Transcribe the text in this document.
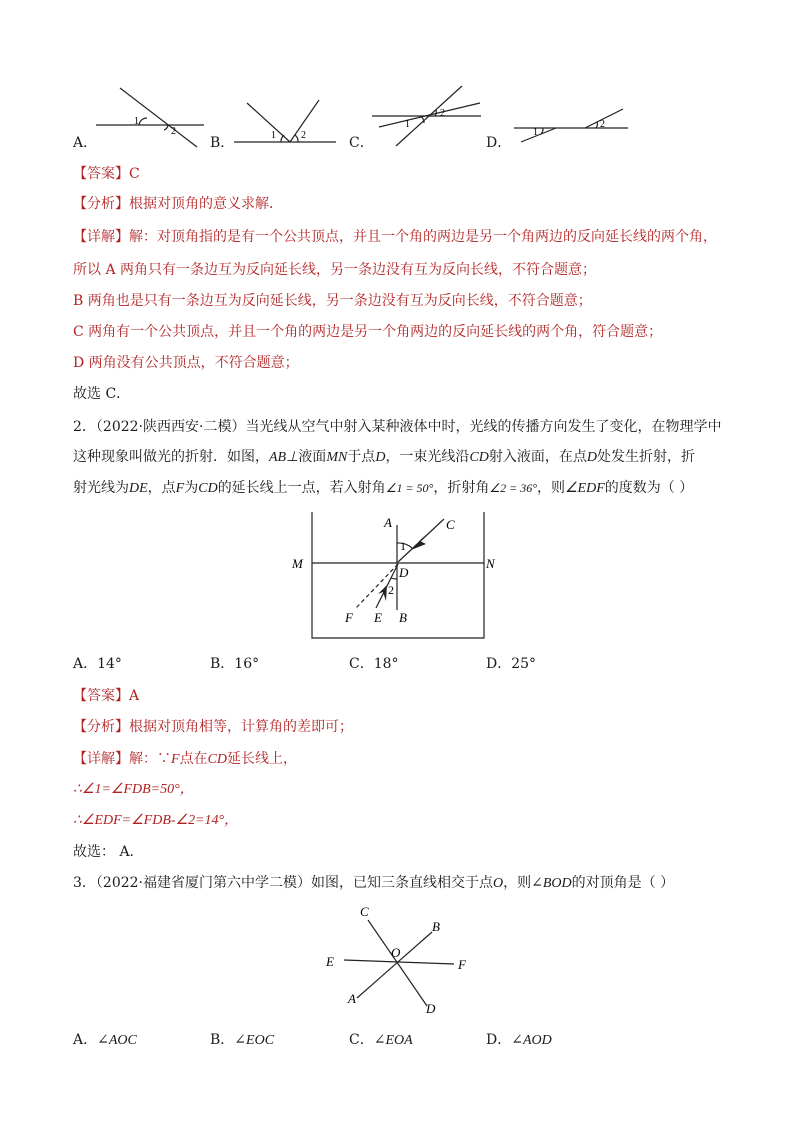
1
2	1	2
1
2
1
2
A．	B．	C．	D．
【答案】C
【分析】根据对顶角的意义求解．
【详解】解：对顶角指的是有一个公共顶点，并且一个角的两边是另一个角两边的反向延长线的两个角，
所以 A 两角只有一条边互为反向延长线，另一条边没有互为反向长线，不符合题意；
B 两角也是只有一条边互为反向延长线，另一条边没有互为反向长线，不符合题意；
C 两角有一个公共顶点，并且一个角的两边是另一个角两边的反向延长线的两个角，符合题意；
D 两角没有公共顶点，不符合题意；
故选 C．
2．（2022·陕西西安·二模）当光线从空气中射入某种液体中时，光线的传播方向发生了变化，在物理学中
这种现象叫做光的折射．如图，AB⊥液面MN于点D，一束光线沿CD射入液面，在点D处发生折射，折
射光线为DE，点F为CD的延长线上一点，若入射角∠1 = 50°，折射角∠2 = 36°，则∠EDF的度数为（ ）
A	C
M	N
D
1
2
F E B
A．14°	B．16°	C．18°	D．25°
【答案】A
【分析】根据对顶角相等，计算角的差即可；
【详解】解：∵F点在CD延长线上，
∴∠1=∠FDB=50°，
∴∠EDF=∠FDB-∠2=14°，
故选： A．
3．（2022·福建省厦门第六中学二模）如图，已知三条直线相交于点O，则∠BOD的对顶角是（ ）
C
B
O
E	F
A
D
A．∠AOC	B．∠EOC	C．∠EOA	D．∠AOD
